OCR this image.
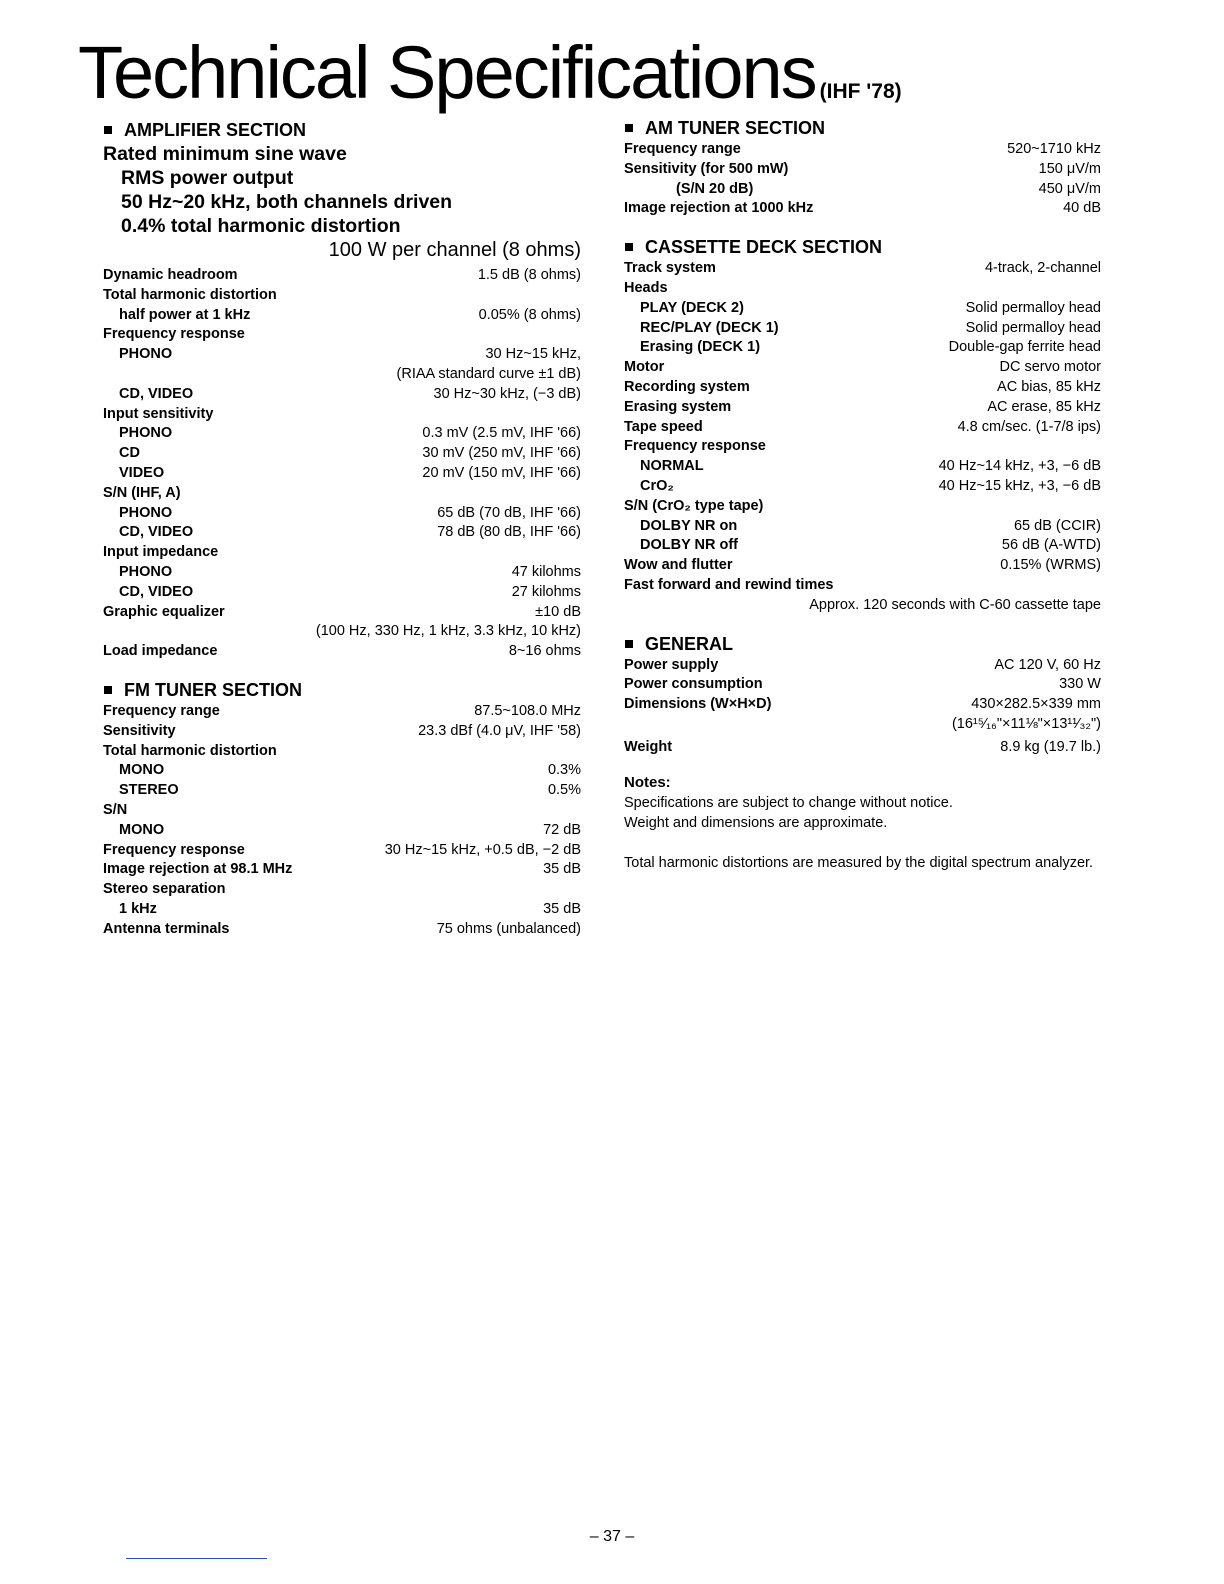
Technical Specifications (IHF '78)
AMPLIFIER SECTION
Rated minimum sine wave
RMS power output
50 Hz~20 kHz, both channels driven
0.4% total harmonic distortion
100 W per channel (8 ohms)
Dynamic headroom	1.5 dB (8 ohms)
Total harmonic distortion
half power at 1 kHz	0.05% (8 ohms)
Frequency response
PHONO	30 Hz~15 kHz,
(RIAA standard curve ±1 dB)
CD, VIDEO	30 Hz~30 kHz, (−3 dB)
Input sensitivity
PHONO	0.3 mV (2.5 mV, IHF '66)
CD	30 mV (250 mV, IHF '66)
VIDEO	20 mV (150 mV, IHF '66)
S/N (IHF, A)
PHONO	65 dB (70 dB, IHF '66)
CD, VIDEO	78 dB (80 dB, IHF '66)
Input impedance
PHONO	47 kilohms
CD, VIDEO	27 kilohms
Graphic equalizer	±10 dB
(100 Hz, 330 Hz, 1 kHz, 3.3 kHz, 10 kHz)
Load impedance	8~16 ohms
FM TUNER SECTION
Frequency range	87.5~108.0 MHz
Sensitivity	23.3 dBf (4.0 μV, IHF '58)
Total harmonic distortion
MONO	0.3%
STEREO	0.5%
S/N
MONO	72 dB
Frequency response	30 Hz~15 kHz, +0.5 dB, −2 dB
Image rejection at 98.1 MHz	35 dB
Stereo separation
1 kHz	35 dB
Antenna terminals	75 ohms (unbalanced)
AM TUNER SECTION
Frequency range	520~1710 kHz
Sensitivity (for 500 mW)	150 μV/m
(S/N 20 dB)	450 μV/m
Image rejection at 1000 kHz	40 dB
CASSETTE DECK SECTION
Track system	4-track, 2-channel
Heads
PLAY (DECK 2)	Solid permalloy head
REC/PLAY (DECK 1)	Solid permalloy head
Erasing (DECK 1)	Double-gap ferrite head
Motor	DC servo motor
Recording system	AC bias, 85 kHz
Erasing system	AC erase, 85 kHz
Tape speed	4.8 cm/sec. (1-7/8 ips)
Frequency response
NORMAL	40 Hz~14 kHz, +3, −6 dB
CrO₂	40 Hz~15 kHz, +3, −6 dB
S/N (CrO₂ type tape)
DOLBY NR on	65 dB (CCIR)
DOLBY NR off	56 dB (A-WTD)
Wow and flutter	0.15% (WRMS)
Fast forward and rewind times
Approx. 120 seconds with C-60 cassette tape
GENERAL
Power supply	AC 120 V, 60 Hz
Power consumption	330 W
Dimensions (W×H×D)	430×282.5×339 mm
(16¹⁵⁄₁₆"×11⅛"×13¹¹⁄₃₂")
Weight	8.9 kg (19.7 lb.)
Notes:
Specifications are subject to change without notice.
Weight and dimensions are approximate.
Total harmonic distortions are measured by the digital spectrum analyzer.
– 37 –
